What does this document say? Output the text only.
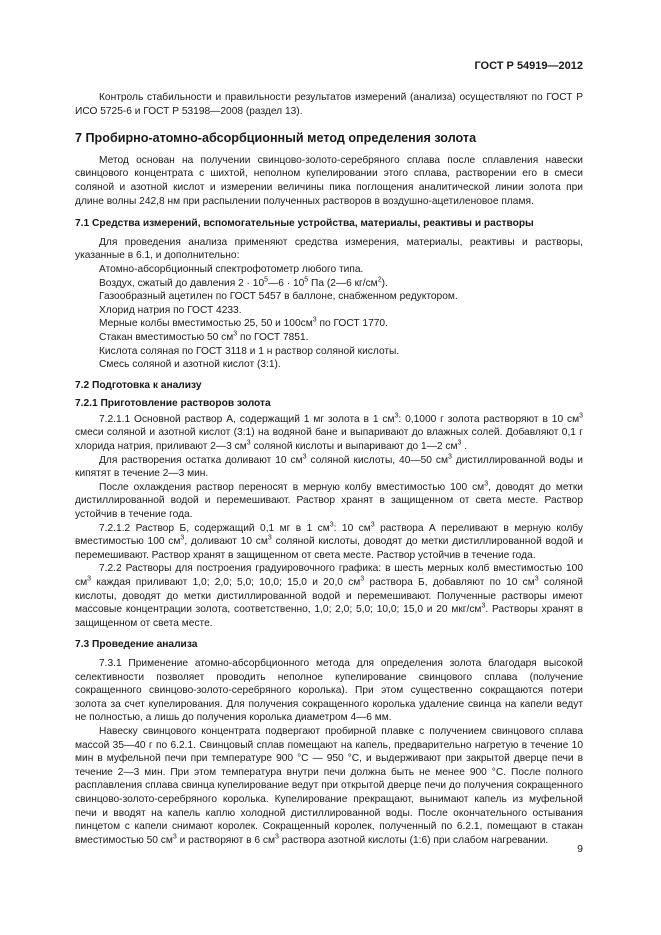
ГОСТ Р 54919—2012

Контроль стабильности и правильности результатов измерений (анализа) осуществляют по ГОСТ Р ИСО 5725-6 и ГОСТ Р 53198—2008 (раздел 13).

7 Пробирно-атомно-абсорбционный метод определения золота

Метод основан на получении свинцово-золото-серебряного сплава после сплавления навески свинцового концентрата с шихтой, неполном купелировании этого сплава, растворении его в смеси соляной и азотной кислот и измерении величины пика поглощения аналитической линии золота при длине волны 242,8 нм при распылении полученных растворов в воздушно-ацетиленовое пламя.

7.1 Средства измерений, вспомогательные устройства, материалы, реактивы и растворы

Для проведения анализа применяют средства измерения, материалы, реактивы и растворы, указанные в 6.1, и дополнительно:

Атомно-абсорбционный спектрофотометр любого типа.

Воздух, сжатый до давления $2 \cdot 10^5—6 \cdot 10^5$ Па (2—6 $кг/см^2$).

Газообразный ацетилен по ГОСТ 5457 в баллоне, снабженном редуктором.

Хлорид натрия по ГОСТ 4233.

Мерные колбы вместимостью 25, 50 и $100см^3$ по ГОСТ 1770.

Стакан вместимостью 50 $см^3$ по ГОСТ 7851.

Кислота соляная по ГОСТ 3118 и 1 н раствор соляной кислоты.

Смесь соляной и азотной кислот (3:1).

7.2 Подготовка к анализу
7.2.1 Приготовление растворов золота

7.2.1.1 Основной раствор А, содержащий 1 мг золота в 1 $см^3$: 0,1000 г золота растворяют в 10 $см^3$ смеси соляной и азотной кислот (3:1) на водяной бане и выпаривают до влажных солей. Добавляют 0,1 г хлорида натрия, приливают 2—3 $см^3$ соляной кислоты и выпаривают до 1—2 $см^3$ .

Для растворения остатка доливают 10 $см^3$ соляной кислоты, 40—50 $см^3$ дистиллированной воды и кипятят в течение 2—3 мин.

После охлаждения раствор переносят в мерную колбу вместимостью 100 $см^3$, доводят до метки дистиллированной водой и перемешивают. Раствор хранят в защищенном от света месте. Раствор устойчив в течение года.

7.2.1.2 Раствор Б, содержащий 0,1 мг в 1 $см^3$: 10 $см^3$ раствора А переливают в мерную колбу вместимостью 100 $см^3$, доливают 10 $см^3$ соляной кислоты, доводят до метки дистиллированной водой и перемешивают. Раствор хранят в защищенном от света месте. Раствор устойчив в течение года.

7.2.2 Растворы для построения градуировочного графика: в шесть мерных колб вместимостью 100 $см^3$ каждая приливают 1,0; 2,0; 5,0; 10,0; 15,0 и 20,0 $см^3$ раствора Б, добавляют по 10 $см^3$ соляной кислоты, доводят до метки дистиллированной водой и перемешивают. Полученные растворы имеют массовые концентрации золота, соответственно, 1,0; 2,0; 5,0; 10,0; 15,0 и 20 мкг/$см^3$. Растворы хранят в защищенном от света месте.

7.3 Проведение анализа

7.3.1 Применение атомно-абсорбционного метода для определения золота благодаря высокой селективности позволяет проводить неполное купелирование свинцового сплава (получение сокращенного свинцово-золото-серебряного королька). При этом существенно сокращаются потери золота за счет купелирования. Для получения сокращенного королька удаление свинца на капели ведут не полностью, а лишь до получения королька диаметром 4—6 мм.

Навеску свинцового концентрата подвергают пробирной плавке с получением свинцового сплава массой 35—40 г по 6.2.1. Свинцовый сплав помещают на капель, предварительно нагретую в течение 10 мин в муфельной печи при температуре 900 °С — 950 °С, и выдерживают при закрытой дверце печи в течение 2—3 мин. При этом температура внутри печи должна быть не менее 900 °С. После полного расплавления сплава свинца купелирование ведут при открытой дверце печи до получения сокращенного свинцово-золото-серебряного королька. Купелирование прекращают, вынимают капель из муфельной печи и вводят на капель каплю холодной дистиллированной воды. После окончательного остывания пинцетом с капели снимают королек. Сокращенный королек, полученный по 6.2.1, помещают в стакан вместимостью 50 $см^3$ и растворяют в 6 $см^3$ раствора азотной кислоты (1:6) при слабом нагревании.

9
